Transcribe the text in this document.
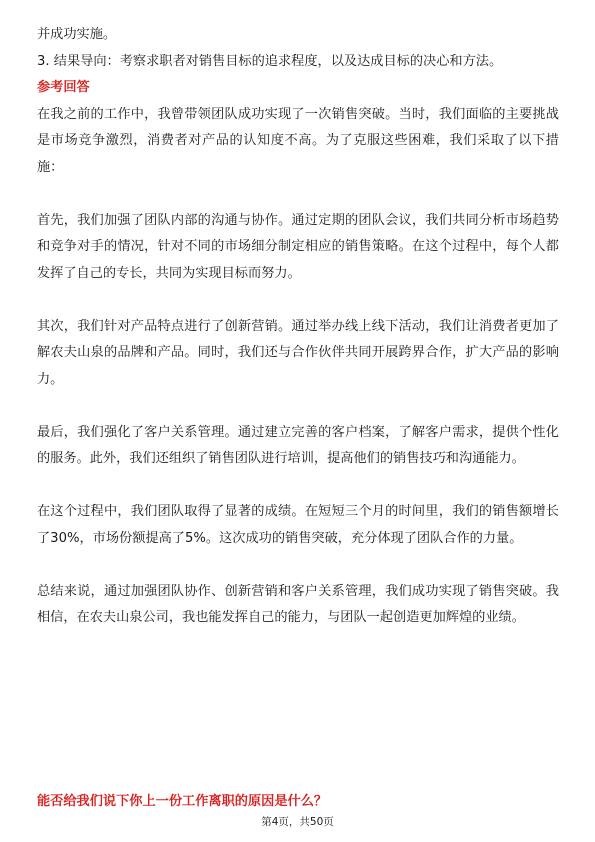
并成功实施。

3. 结果导向：考察求职者对销售目标的追求程度，以及达成目标的决心和方法。

参考回答

在我之前的工作中，我曾带领团队成功实现了一次销售突破。当时，我们面临的主要挑战是市场竞争激烈，消费者对产品的认知度不高。为了克服这些困难，我们采取了以下措施：

首先，我们加强了团队内部的沟通与协作。通过定期的团队会议，我们共同分析市场趋势和竞争对手的情况，针对不同的市场细分制定相应的销售策略。在这个过程中，每个人都发挥了自己的专长，共同为实现目标而努力。

其次，我们针对产品特点进行了创新营销。通过举办线上线下活动，我们让消费者更加了解农夫山泉的品牌和产品。同时，我们还与合作伙伴共同开展跨界合作，扩大产品的影响力。

最后，我们强化了客户关系管理。通过建立完善的客户档案，了解客户需求，提供个性化的服务。此外，我们还组织了销售团队进行培训，提高他们的销售技巧和沟通能力。

在这个过程中，我们团队取得了显著的成绩。在短短三个月的时间里，我们的销售额增长了30%，市场份额提高了5%。这次成功的销售突破，充分体现了团队合作的力量。

总结来说，通过加强团队协作、创新营销和客户关系管理，我们成功实现了销售突破。我相信，在农夫山泉公司，我也能发挥自己的能力，与团队一起创造更加辉煌的业绩。

能否给我们说下你上一份工作离职的原因是什么？
第4页，共50页
